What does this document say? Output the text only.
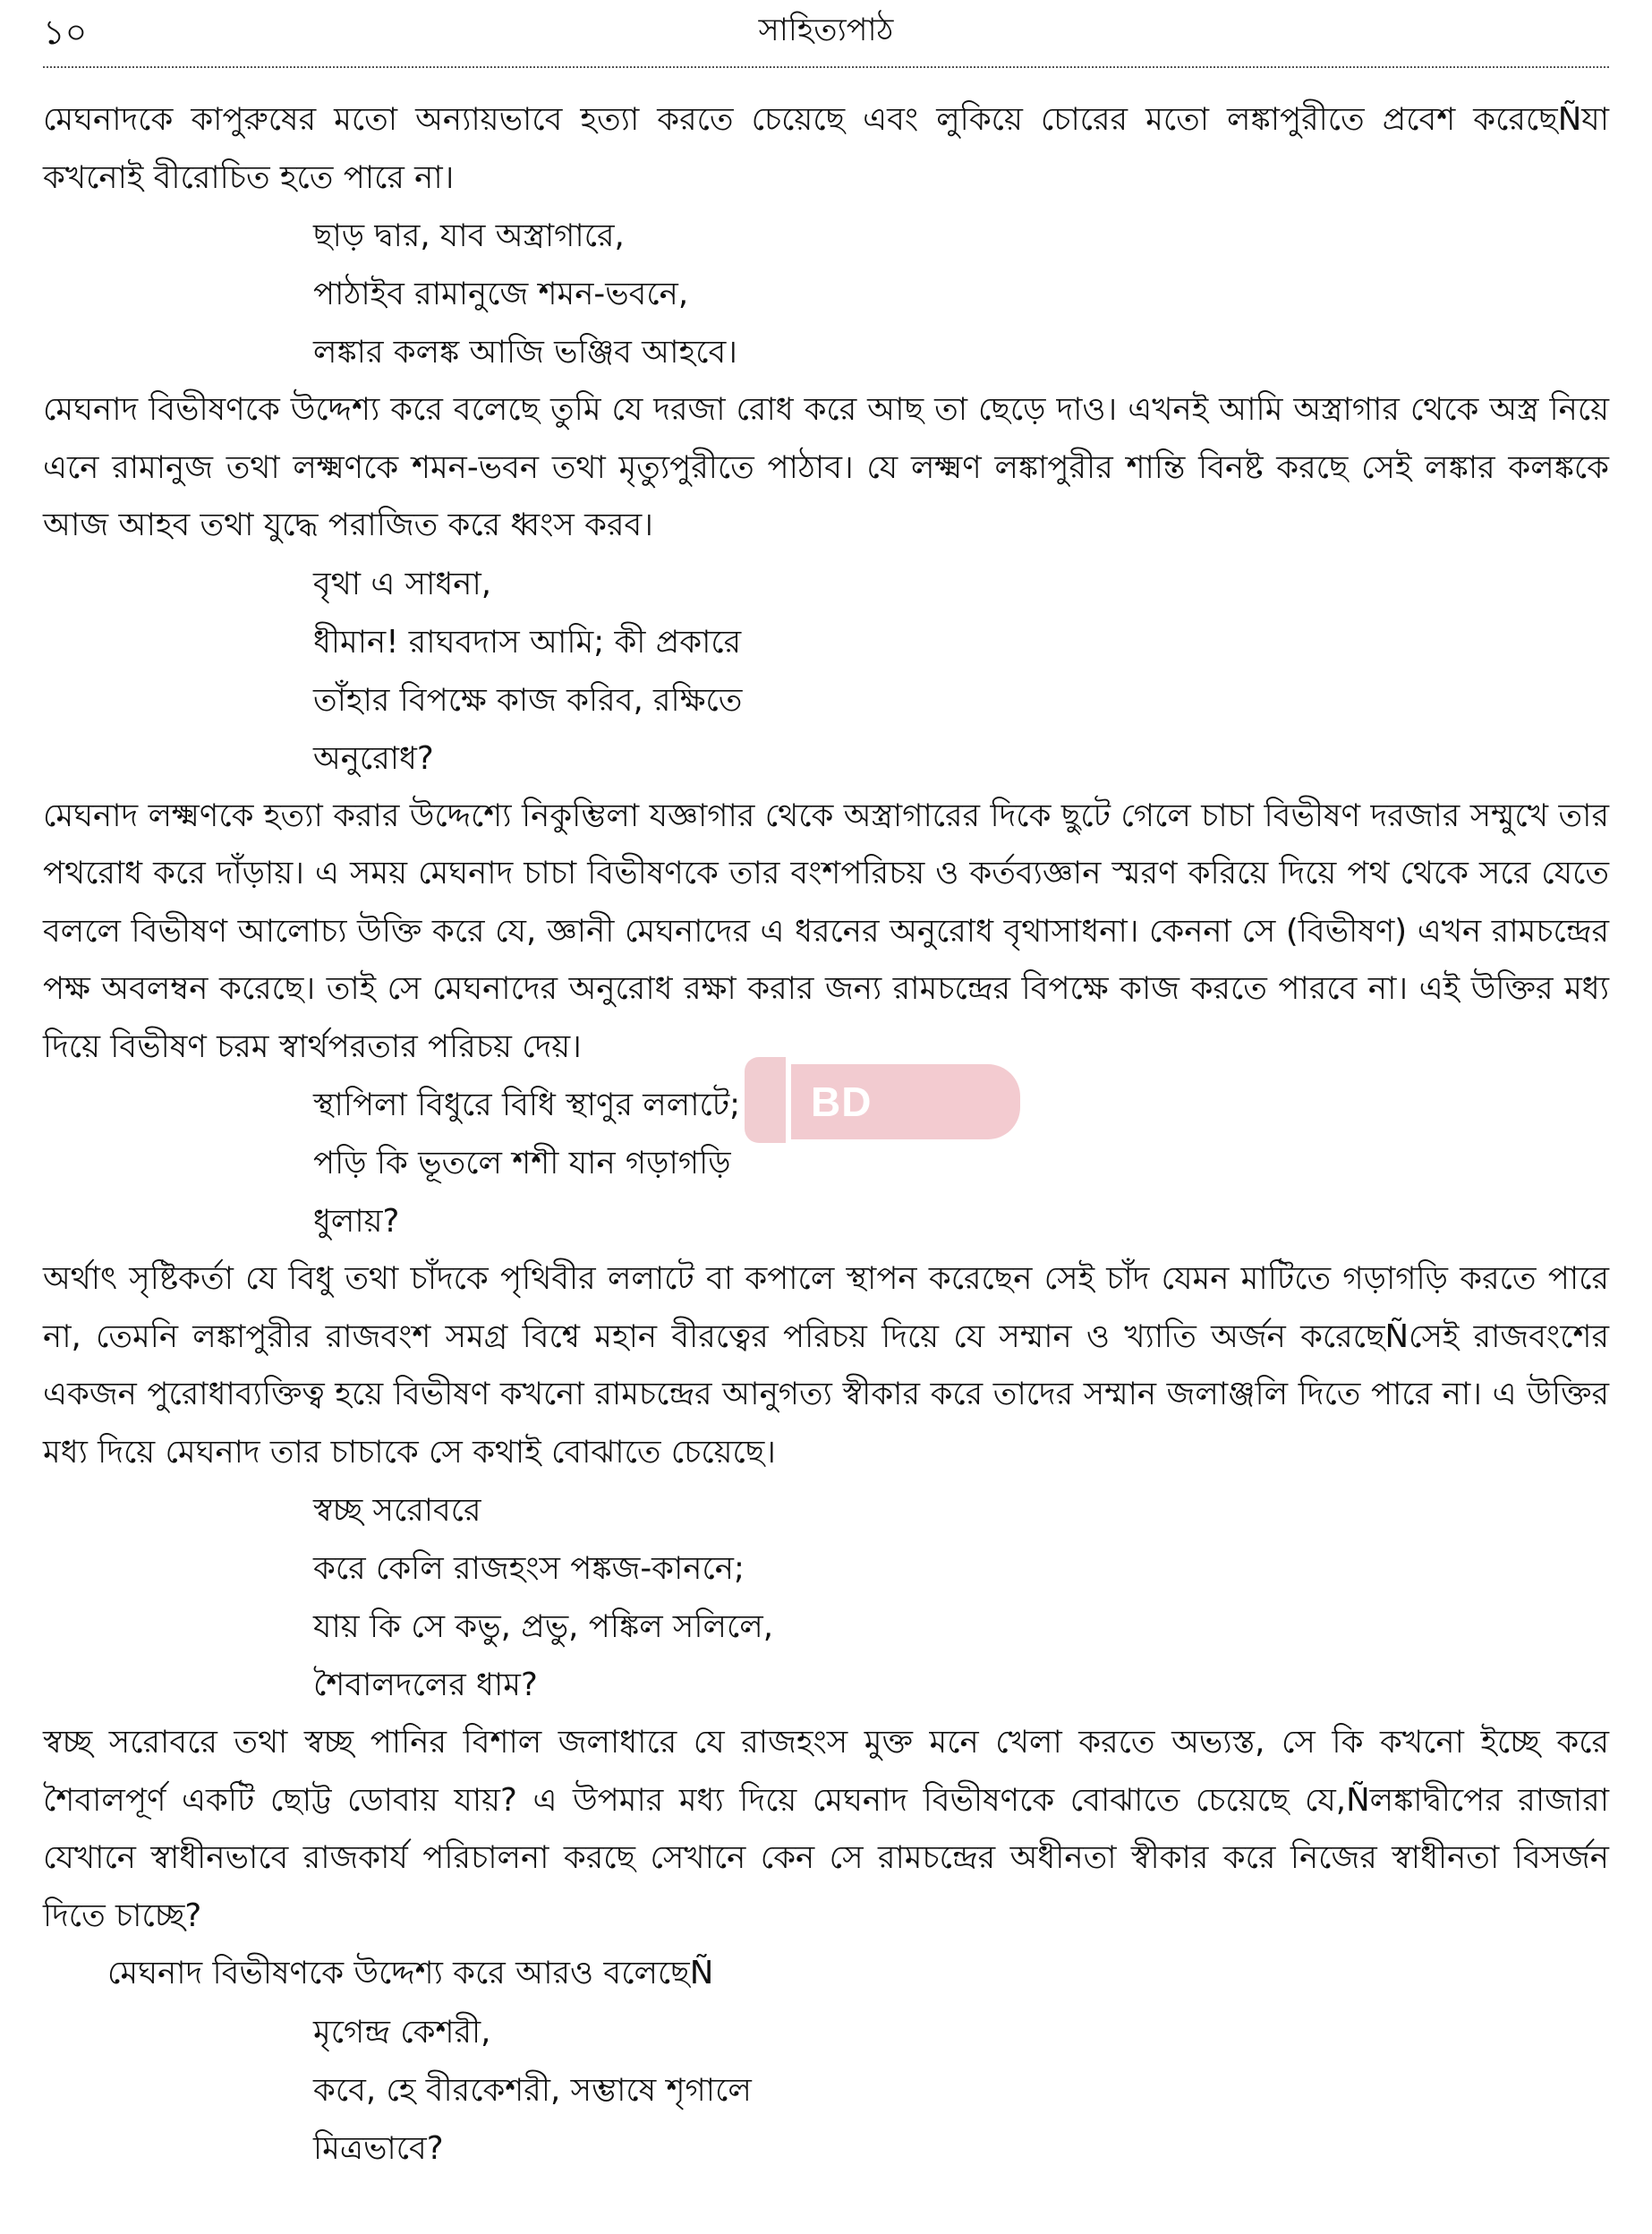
১০	সাহিত্যপাঠ

মেঘনাদকে কাপুরুষের মতো অন্যায়ভাবে হত্যা করতে চেয়েছে এবং লুকিয়ে চোরের মতো লঙ্কাপুরীতে প্রবেশ করেছেÑযা কখনোই বীরোচিত হতে পারে না।

ছাড় দ্বার, যাব অস্ত্রাগারে,
পাঠাইব রামানুজে শমন-ভবনে,
লঙ্কার কলঙ্ক আজি ভঞ্জিব আহবে।

মেঘনাদ বিভীষণকে উদ্দেশ্য করে বলেছে তুমি যে দরজা রোধ করে আছ তা ছেড়ে দাও। এখনই আমি অস্ত্রাগার থেকে অস্ত্র নিয়ে এনে রামানুজ তথা লক্ষ্মণকে শমন-ভবন তথা মৃত্যুপুরীতে পাঠাব। যে লক্ষ্মণ লঙ্কাপুরীর শান্তি বিনষ্ট করছে সেই লঙ্কার কলঙ্ককে আজ আহব তথা যুদ্ধে পরাজিত করে ধ্বংস করব।

বৃথা এ সাধনা,
ধীমান! রাঘবদাস আমি; কী প্রকারে
তাঁহার বিপক্ষে কাজ করিব, রক্ষিতে
অনুরোধ?

মেঘনাদ লক্ষ্মণকে হত্যা করার উদ্দেশ্যে নিকুম্ভিলা যজ্ঞাগার থেকে অস্ত্রাগারের দিকে ছুটে গেলে চাচা বিভীষণ দরজার সম্মুখে তার পথরোধ করে দাঁড়ায়। এ সময় মেঘনাদ চাচা বিভীষণকে তার বংশপরিচয় ও কর্তব্যজ্ঞান স্মরণ করিয়ে দিয়ে পথ থেকে সরে যেতে বললে বিভীষণ আলোচ্য উক্তি করে যে, জ্ঞানী মেঘনাদের এ ধরনের অনুরোধ বৃথাসাধনা। কেননা সে (বিভীষণ) এখন রামচন্দ্রের পক্ষ অবলম্বন করেছে। তাই সে মেঘনাদের অনুরোধ রক্ষা করার জন্য রামচন্দ্রের বিপক্ষে কাজ করতে পারবে না। এই উক্তির মধ্য দিয়ে বিভীষণ চরম স্বার্থপরতার পরিচয় দেয়।

স্থাপিলা বিধুরে বিধি স্থাণুর ললাটে;
পড়ি কি ভূতলে শশী যান গড়াগড়ি
ধুলায়?

অর্থাৎ সৃষ্টিকর্তা যে বিধু তথা চাঁদকে পৃথিবীর ললাটে বা কপালে স্থাপন করেছেন সেই চাঁদ যেমন মাটিতে গড়াগড়ি করতে পারে না, তেমনি লঙ্কাপুরীর রাজবংশ সমগ্র বিশ্বে মহান বীরত্বের পরিচয় দিয়ে যে সম্মান ও খ্যাতি অর্জন করেছেÑসেই রাজবংশের একজন পুরোধাব্যক্তিত্ব হয়ে বিভীষণ কখনো রামচন্দ্রের আনুগত্য স্বীকার করে তাদের সম্মান জলাঞ্জলি দিতে পারে না। এ উক্তির মধ্য দিয়ে মেঘনাদ তার চাচাকে সে কথাই বোঝাতে চেয়েছে।

স্বচ্ছ সরোবরে
করে কেলি রাজহংস পঙ্কজ-কাননে;
যায় কি সে কভু, প্রভু, পঙ্কিল সলিলে,
শৈবালদলের ধাম?

স্বচ্ছ সরোবরে তথা স্বচ্ছ পানির বিশাল জলাধারে যে রাজহংস মুক্ত মনে খেলা করতে অভ্যস্ত, সে কি কখনো ইচ্ছে করে শৈবালপূর্ণ একটি ছোট্ট ডোবায় যায়? এ উপমার মধ্য দিয়ে মেঘনাদ বিভীষণকে বোঝাতে চেয়েছে যে,Ñলঙ্কাদ্বীপের রাজারা যেখানে স্বাধীনভাবে রাজকার্য পরিচালনা করছে সেখানে কেন সে রামচন্দ্রের অধীনতা স্বীকার করে নিজের স্বাধীনতা বিসর্জন দিতে চাচ্ছে?

মেঘনাদ বিভীষণকে উদ্দেশ্য করে আরও বলেছেÑ

মৃগেন্দ্র কেশরী,
কবে, হে বীরকেশরী, সম্ভাষে শৃগালে
মিত্রভাবে?
BD BOOKS
